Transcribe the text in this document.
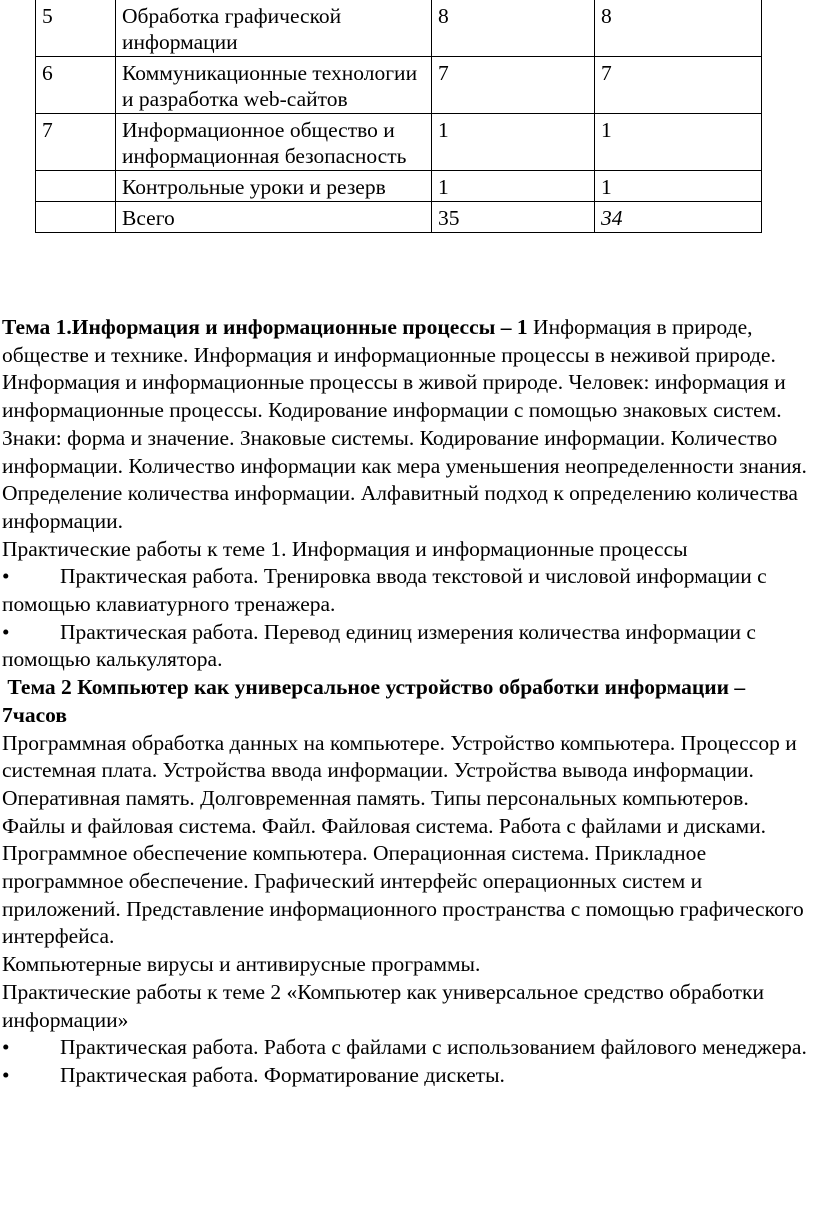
5	Обработка графической информации	8	8
6	Коммуникационные технологии и разработка web-сайтов	7	7
7	Информационное общество и информационная безопасность	1	1
	Контрольные уроки и резерв	1	1
	Всего	35	34

Тема 1.Информация и информационные процессы – 1 Информация в природе, обществе и технике. Информация и информационные процессы в неживой природе. Информация и информационные процессы в живой природе. Человек: информация и информационные процессы. Кодирование информации с помощью знаковых систем. Знаки: форма и значение. Знаковые системы. Кодирование информации. Количество информации. Количество информации как мера уменьшения неопределенности знания. Определение количества информации. Алфавитный подход к определению количества информации.

Практические работы к теме 1. Информация и информационные процессы

• Практическая работа. Тренировка ввода текстовой и числовой информации с помощью клавиатурного тренажера.

• Практическая работа. Перевод единиц измерения количества информации с помощью калькулятора.

Тема 2 Компьютер как универсальное устройство обработки информации – 7часов

Программная обработка данных на компьютере. Устройство компьютера. Процессор и системная плата. Устройства ввода информации. Устройства вывода информации. Оперативная память. Долговременная память. Типы персональных компьютеров.

Файлы и файловая система. Файл. Файловая система. Работа с файлами и дисками.

Программное обеспечение компьютера. Операционная система. Прикладное программное обеспечение. Графический интерфейс операционных систем и приложений. Представление информационного пространства с помощью графического интерфейса.

Компьютерные вирусы и антивирусные программы.

Практические работы к теме 2 «Компьютер как универсальное средство обработки информации»

• Практическая работа. Работа с файлами с использованием файлового менеджера.

• Практическая работа. Форматирование дискеты.
